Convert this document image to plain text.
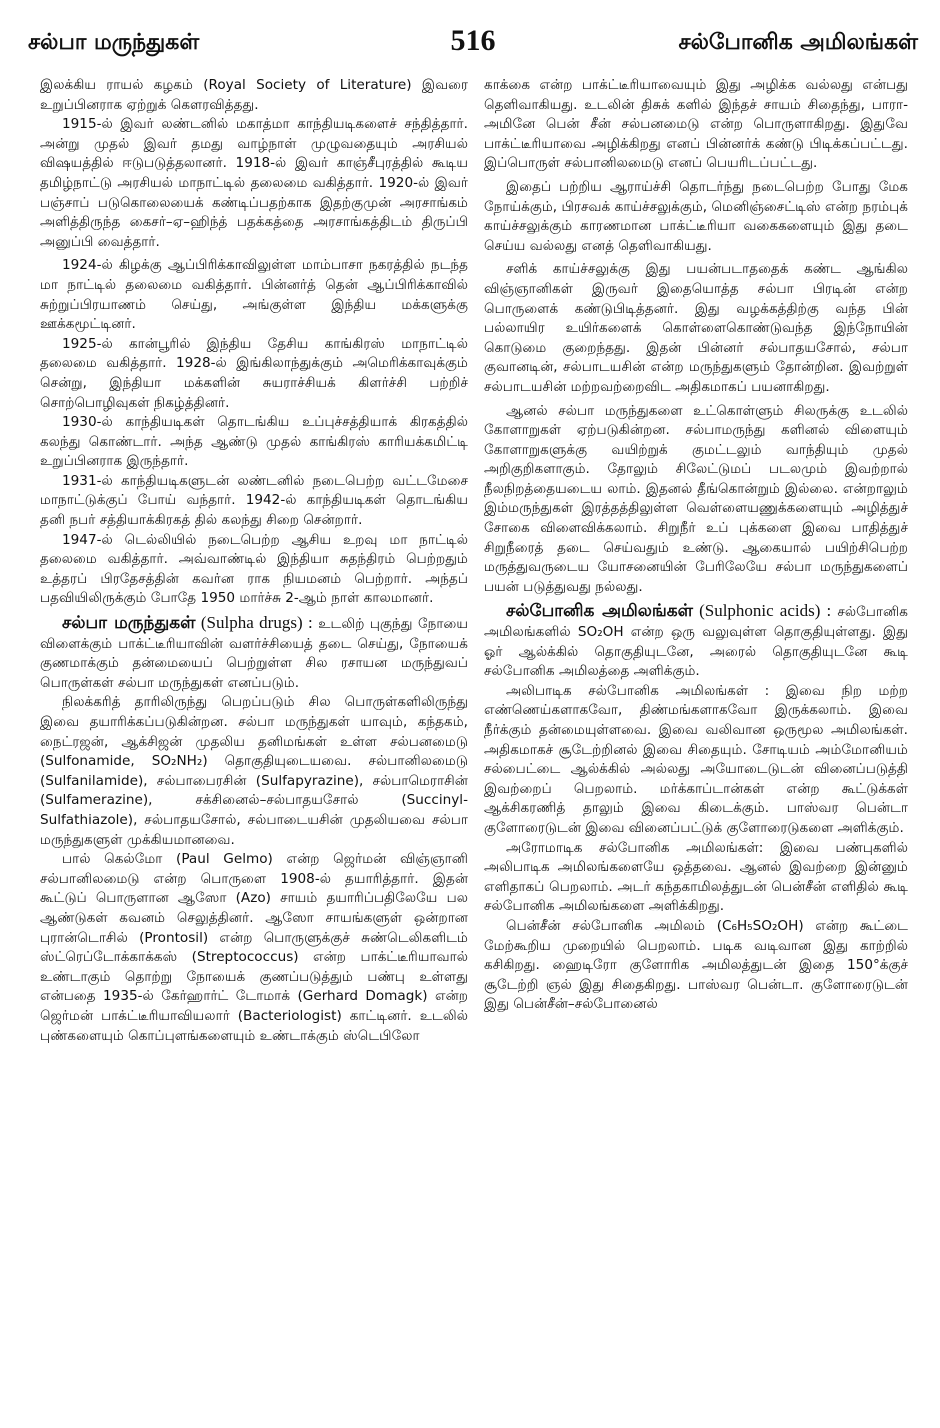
சல்பா மருந்துகள்	516	சல்போனிக அமிலங்கள்

இலக்கிய ராயல் கழகம் (Royal Society of Literature) இவரை உறுப்பினராக ஏற்றுக் கௌரவித்தது.

1915-ல் இவர் லண்டனில் மகாத்மா காந்தியடிகளைச் சந்தித்தார். அன்று முதல் இவர் தமது வாழ்நாள் முழுவதையும் அரசியல் விஷயத்தில் ஈடுபடுத்தலானர். 1918-ல் இவர் காஞ்சீபுரத்தில் கூடிய தமிழ்நாட்டு அரசியல் மாநாட்டில் தலைமை வகித்தார். 1920-ல் இவர் பஞ்சாப் படுகொலையைக் கண்டிப்பதற்காக இதற்குமுன் அரசாங்கம் அளித்திருந்த கைசர்–ஏ–ஹிந்த் பதக்கத்தை அரசாங்கத்திடம் திருப்பி அனுப்பி வைத்தார்.

1924-ல் கிழக்கு ஆப்பிரிக்காவிலுள்ள மாம்பாசா நகரத்தில் நடந்த மா நாட்டில் தலைமை வகித்தார். பின்னர்த் தென் ஆப்பிரிக்காவில் சுற்றுப்பிரயாணம் செய்து, அங்குள்ள இந்திய மக்களுக்கு ஊக்கமூட்டினர்.

1925-ல் கான்பூரில் இந்திய தேசிய காங்கிரஸ் மாநாட்டில் தலைமை வகித்தார். 1928-ல் இங்கிலாந்துக்கும் அமெரிக்காவுக்கும் சென்று, இந்தியா மக்களின் சுயராச்சியக் கிளர்ச்சி பற்றிச் சொற்பொழிவுகள் நிகழ்த்தினர்.

1930-ல் காந்தியடிகள் தொடங்கிய உப்புச்சத்தியாக் கிரகத்தில் கலந்து கொண்டார். அந்த ஆண்டு முதல் காங்கிரஸ் காரியக்கமிட்டி உறுப்பினராக இருந்தார்.

1931-ல் காந்தியடிகளுடன் லண்டனில் நடைபெற்ற வட்டமேசை மாநாட்டுக்குப் போய் வந்தார். 1942-ல் காந்தியடிகள் தொடங்கிய தனி நபர் சத்தியாக்கிரகத் தில் கலந்து சிறை சென்றார்.

1947-ல் டெல்லியில் நடைபெற்ற ஆசிய உறவு மா நாட்டில் தலைமை வகித்தார். அவ்வாண்டில் இந்தியா சுதந்திரம் பெற்றதும் உத்தரப் பிரதேசத்தின் கவர்ன ராக நியமனம் பெற்றார். அந்தப் பதவியிலிருக்கும் போதே 1950 மார்ச்சு 2-ஆம் நாள் காலமானர்.

சல்பா மருந்துகள் (Sulpha drugs) : உடலிற் புகுந்து நோயை விளைக்கும் பாக்ட்டீரியாவின் வளர்ச்சியைத் தடை செய்து, நோயைக் குணமாக்கும் தன்மையைப் பெற்றுள்ள சில ரசாயன மருந்துவப் பொருள்கள் சல்பா மருந்துகள் எனப்படும்.

நிலக்கரித் தாரிலிருந்து பெறப்படும் சில பொருள்களிலிருந்து இவை தயாரிக்கப்படுகின்றன. சல்பா மருந்துகள் யாவும், கந்தகம், நைட்ரஜன், ஆக்சிஜன் முதலிய தனிமங்கள் உள்ள சல்பனமைடு (Sulfonamide, SO₂NH₂) தொகுதியுடையவை. சல்பானிலமைடு (Sulfanilamide), சல்பாபைரசின் (Sulfapyrazine), சல்பாமெராசின் (Sulfamerazine), சக்சினைல்–சல்பாதயசோல் (Succinyl-Sulfathiazole), சல்பாதயசோல், சல்பாடையசின் முதலியவை சல்பா மருந்துகளுள் முக்கியமானவை.

பால் கெல்மோ (Paul Gelmo) என்ற ஜெர்மன் விஞ்ஞானி சல்பானிலமைடு என்ற பொருளை 1908-ல் தயாரித்தார். இதன் கூட்டுப் பொருளான ஆஸோ (Azo) சாயம் தயாரிப்பதிலேயே பல ஆண்டுகள் கவனம் செலுத்தினர். ஆஸோ சாயங்களுள் ஒன்றான புரான்டொசில் (Prontosil) என்ற பொருளுக்குச் சுண்டெலிகளிடம் ஸ்ட்ரெப்டோக்காக்கஸ் (Streptococcus) என்ற பாக்ட்டீரியாவால் உண்டாகும் தொற்று நோயைக் குணப்படுத்தும் பண்பு உள்ளது என்பதை 1935-ல் கேர்ஹார்ட் டோமாக் (Gerhard Domagk) என்ற ஜெர்மன் பாக்ட்டீரியாவியலார் (Bacteriologist) காட்டினர். உடலில் புண்களையும் கொப்புளங்களையும் உண்டாக்கும் ஸ்டெபிலோ

காக்கை என்ற பாக்ட்டீரியாவையும் இது அழிக்க வல்லது என்பது தெளிவாகியது. உடலின் திசுக் களில் இந்தச் சாயம் சிதைந்து, பாரா-அமினே பென் சீன் சல்பனமைடு என்ற பொருளாகிறது. இதுவே பாக்ட்டீரியாவை அழிக்கிறது எனப் பின்னர்க் கண்டு பிடிக்கப்பட்டது. இப்பொருள் சல்பானிலமைடு எனப் பெயரிடப்பட்டது.

இதைப் பற்றிய ஆராய்ச்சி தொடர்ந்து நடைபெற்ற போது மேக நோய்க்கும், பிரசவக் காய்ச்சலுக்கும், மெனிஞ்சைட்டிஸ் என்ற நரம்புக் காய்ச்சலுக்கும் காரணமான பாக்ட்டீரியா வகைகளையும் இது தடை செய்ய வல்லது எனத் தெளிவாகியது.

சளிக் காய்ச்சலுக்கு இது பயன்படாததைக் கண்ட ஆங்கில விஞ்ஞானிகள் இருவர் இதையொத்த சல்பா பிரடின் என்ற பொருளைக் கண்டுபிடித்தனர். இது வழக்கத்திற்கு வந்த பின் பல்லாயிர உயிர்களைக் கொள்ளைகொண்டுவந்த இந்நோயின் கொடுமை குறைந்தது. இதன் பின்னர் சல்பாதயசோல், சல்பா குவானடின், சல்பாடயசின் என்ற மருந்துகளும் தோன்றின. இவற்றுள் சல்பாடயசின் மற்றவற்றைவிட அதிகமாகப் பயனாகிறது.

ஆனல் சல்பா மருந்துகளை உட்கொள்ளும் சிலருக்கு உடலில் கோளாறுகள் ஏற்படுகின்றன. சல்பாமருந்து களினல் விளையும் கோளாறுகளுக்கு வயிற்றுக் குமட்டலும் வாந்தியும் முதல் அறிகுறிகளாகும். தோலும் சிலேட்டுமப் படலமும் இவற்றால் நீலநிறத்தையடைய லாம். இதனல் தீங்கொன்றும் இல்லை. என்றாலும் இம்மருந்துகள் இரத்தத்திலுள்ள வெள்ளையணுக்களையும் அழித்துச் சோகை விளைவிக்கலாம். சிறுநீர் உப் புக்களை இவை பாதித்துச் சிறுநீரைத் தடை செய்வதும் உண்டு. ஆகையால் பயிற்சிபெற்ற மருத்துவருடைய யோசனையின் பேரிலேயே சல்பா மருந்துகளைப் பயன் படுத்துவது நல்லது.

சல்போனிக அமிலங்கள் (Sulphonic acids) : சல்போனிக அமிலங்களில் SO₂OH என்ற ஒரு வலுவுள்ள தொகுதியுள்ளது. இது ஓர் ஆல்க்கில் தொகுதியுடனே, அரைல் தொகுதியுடனே கூடி சல்போனிக அமிலத்தை அளிக்கும்.

அலிபாடிக சல்போனிக அமிலங்கள் : இவை நிற மற்ற எண்ணெய்களாகவோ, திண்மங்களாகவோ இருக்கலாம். இவை நீர்க்கும் தன்மையுள்ளவை. இவை வலிவான ஒருமூல அமிலங்கள். அதிகமாகச் சூடேற்றினல் இவை சிதையும். சோடியம் அம்மோனியம் சல்பைட்டை ஆல்க்கில் அல்லது அயோடைடுடன் வினைப்படுத்தி இவற்றைப் பெறலாம். மர்க்காப்டான்கள் என்ற கூட்டுக்கள் ஆக்சிகரணித் தாலும் இவை கிடைக்கும். பாஸ்வர பென்டா குளோரைடுடன் இவை வினைப்பட்டுக் குளோரைடுகளை அளிக்கும்.

அரோமாடிக சல்போனிக அமிலங்கள்: இவை பண்புகளில் அலிபாடிக அமிலங்களையே ஒத்தவை. ஆனல் இவற்றை இன்னும் எளிதாகப் பெறலாம். அடர் கந்தகாமிலத்துடன் பென்சீன் எளிதில் கூடி சல்போனிக அமிலங்களை அளிக்கிறது.

பென்சீன் சல்போனிக அமிலம் (C₆H₅SO₂OH) என்ற கூட்டை மேற்கூறிய முறையில் பெறலாம். படிக வடிவான இது காற்றில் கசிகிறது. ஹைடிரோ குளோரிக அமிலத்துடன் இதை 150°க்குச் சூடேற்றி ஞல் இது சிதைகிறது. பாஸ்வர பென்டா. குளோரைடுடன் இது பென்சீன்–சல்போனைல்
